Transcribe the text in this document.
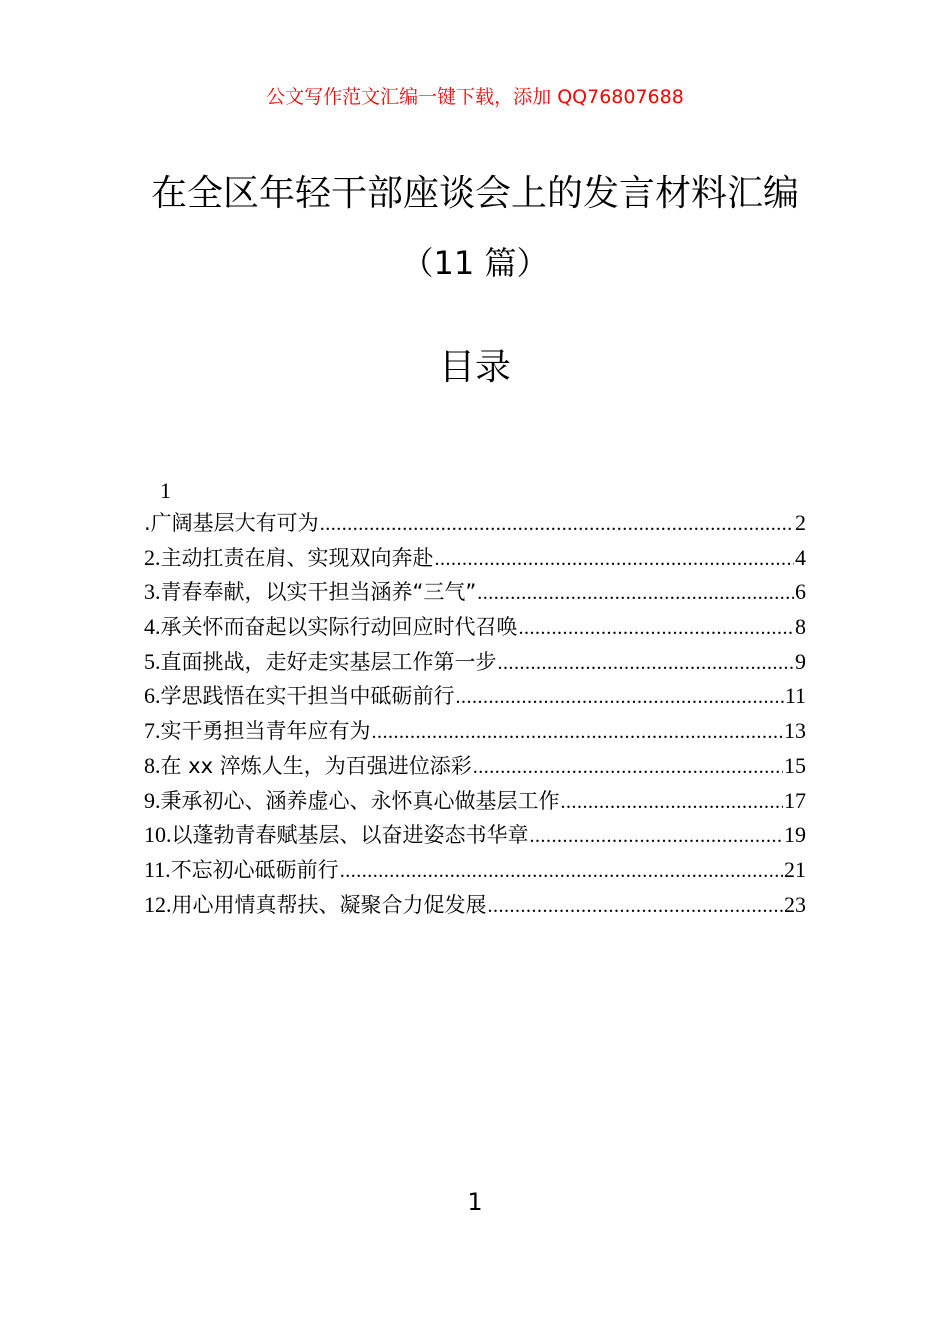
公文写作范文汇编一键下载，添加 QQ76807688
在全区年轻干部座谈会上的发言材料汇编
（11 篇）
目录
1
.广阔基层大有可为 .....	2
2. 主动扛责在肩、实现双向奔赴 .....	4
3. 青春奉献，以实干担当涵养“三气” .....	6
4. 承关怀而奋起以实际行动回应时代召唤 .....	8
5. 直面挑战，走好走实基层工作第一步 .....	9
6. 学思践悟在实干担当中砥砺前行 .....	11
7. 实干勇担当青年应有为 .....	13
8. 在 xx 淬炼人生，为百强进位添彩 .....	15
9. 秉承初心、涵养虚心、永怀真心做基层工作 .....	17
10. 以蓬勃青春赋基层、以奋进姿态书华章 .....	19
11. 不忘初心砥砺前行 .....	21
12. 用心用情真帮扶、凝聚合力促发展 .....	23
1
